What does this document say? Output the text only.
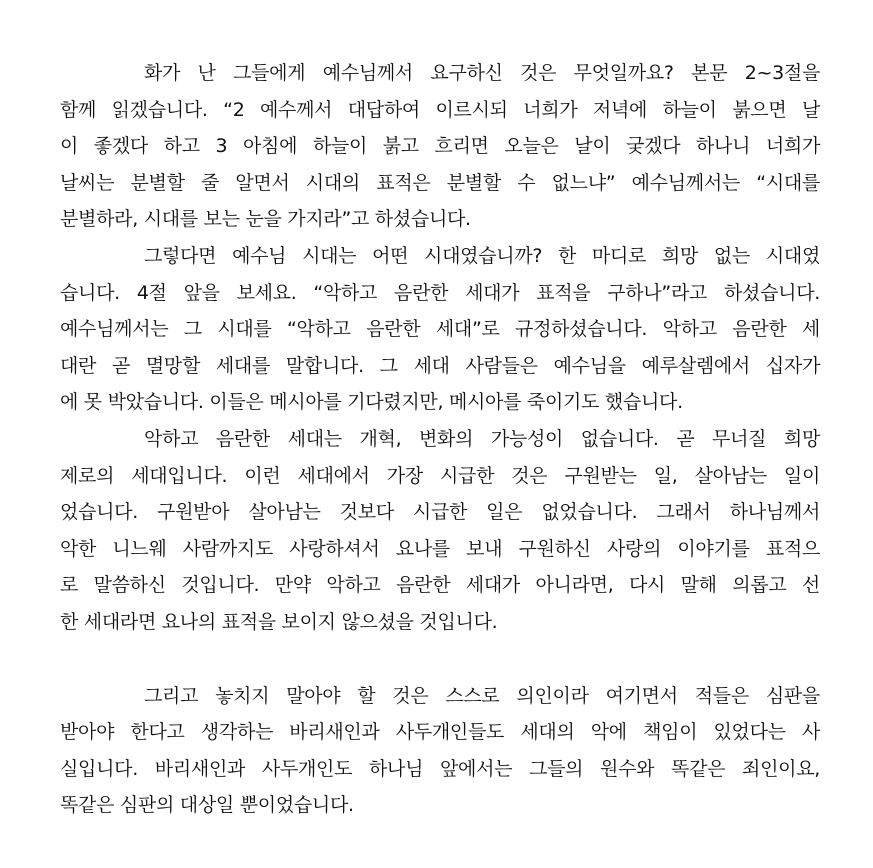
화가 난 그들에게 예수님께서 요구하신 것은 무엇일까요? 본문 2~3절을
함께 읽겠습니다. “2 예수께서 대답하여 이르시되 너희가 저녁에 하늘이 붉으면 날
이 좋겠다 하고 3 아침에 하늘이 붉고 흐리면 오늘은 날이 궂겠다 하나니 너희가
날씨는 분별할 줄 알면서 시대의 표적은 분별할 수 없느냐” 예수님께서는 “시대를
분별하라, 시대를 보는 눈을 가지라”고 하셨습니다.
그렇다면 예수님 시대는 어떤 시대였습니까? 한 마디로 희망 없는 시대였
습니다. 4절 앞을 보세요. “악하고 음란한 세대가 표적을 구하나”라고 하셨습니다.
예수님께서는 그 시대를 “악하고 음란한 세대”로 규정하셨습니다. 악하고 음란한 세
대란 곧 멸망할 세대를 말합니다. 그 세대 사람들은 예수님을 예루살렘에서 십자가
에 못 박았습니다. 이들은 메시아를 기다렸지만, 메시아를 죽이기도 했습니다.
악하고 음란한 세대는 개혁, 변화의 가능성이 없습니다. 곧 무너질 희망
제로의 세대입니다. 이런 세대에서 가장 시급한 것은 구원받는 일, 살아남는 일이
었습니다. 구원받아 살아남는 것보다 시급한 일은 없었습니다. 그래서 하나님께서
악한 니느웨 사람까지도 사랑하셔서 요나를 보내 구원하신 사랑의 이야기를 표적으
로 말씀하신 것입니다. 만약 악하고 음란한 세대가 아니라면, 다시 말해 의롭고 선
한 세대라면 요나의 표적을 보이지 않으셨을 것입니다.
그리고 놓치지 말아야 할 것은 스스로 의인이라 여기면서 적들은 심판을
받아야 한다고 생각하는 바리새인과 사두개인들도 세대의 악에 책임이 있었다는 사
실입니다. 바리새인과 사두개인도 하나님 앞에서는 그들의 원수와 똑같은 죄인이요,
똑같은 심판의 대상일 뿐이었습니다.
